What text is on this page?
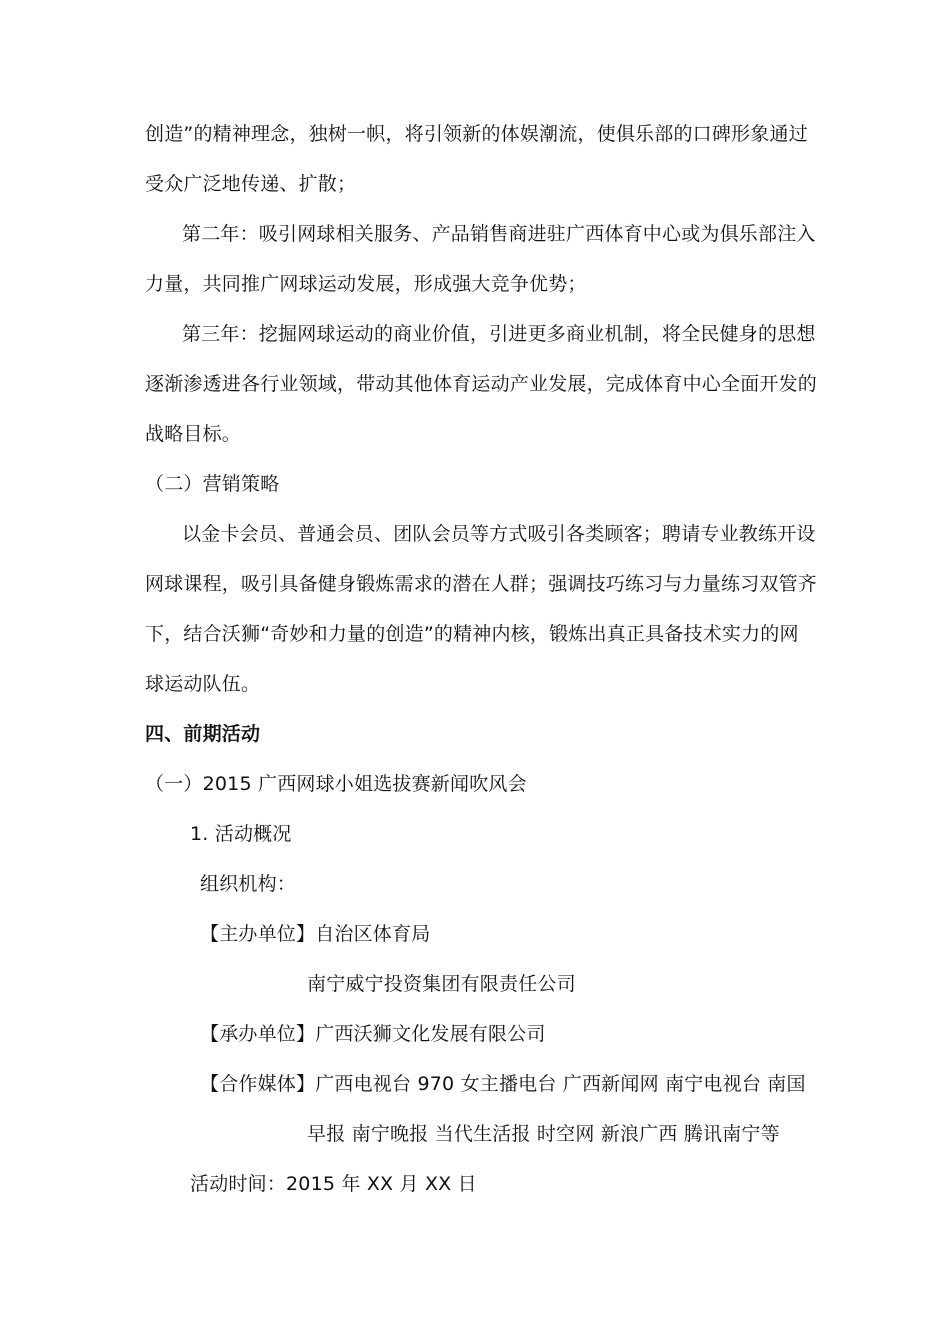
创造”的精神理念，独树一帜，将引领新的体娱潮流，使俱乐部的口碑形象通过
受众广泛地传递、扩散；
第二年：吸引网球相关服务、产品销售商进驻广西体育中心或为俱乐部注入
力量，共同推广网球运动发展，形成强大竞争优势；
第三年：挖掘网球运动的商业价值，引进更多商业机制，将全民健身的思想
逐渐渗透进各行业领域，带动其他体育运动产业发展，完成体育中心全面开发的
战略目标。
（二）营销策略
以金卡会员、普通会员、团队会员等方式吸引各类顾客；聘请专业教练开设
网球课程，吸引具备健身锻炼需求的潜在人群；强调技巧练习与力量练习双管齐
下，结合沃狮“奇妙和力量的创造”的精神内核，锻炼出真正具备技术实力的网
球运动队伍。
四、前期活动
（一）2015 广西网球小姐选拔赛新闻吹风会
1. 活动概况
组织机构：
【主办单位】自治区体育局
南宁威宁投资集团有限责任公司
【承办单位】广西沃狮文化发展有限公司
【合作媒体】广西电视台 970 女主播电台 广西新闻网 南宁电视台 南国
早报 南宁晚报 当代生活报 时空网 新浪广西 腾讯南宁等
活动时间：2015 年 XX 月 XX 日
